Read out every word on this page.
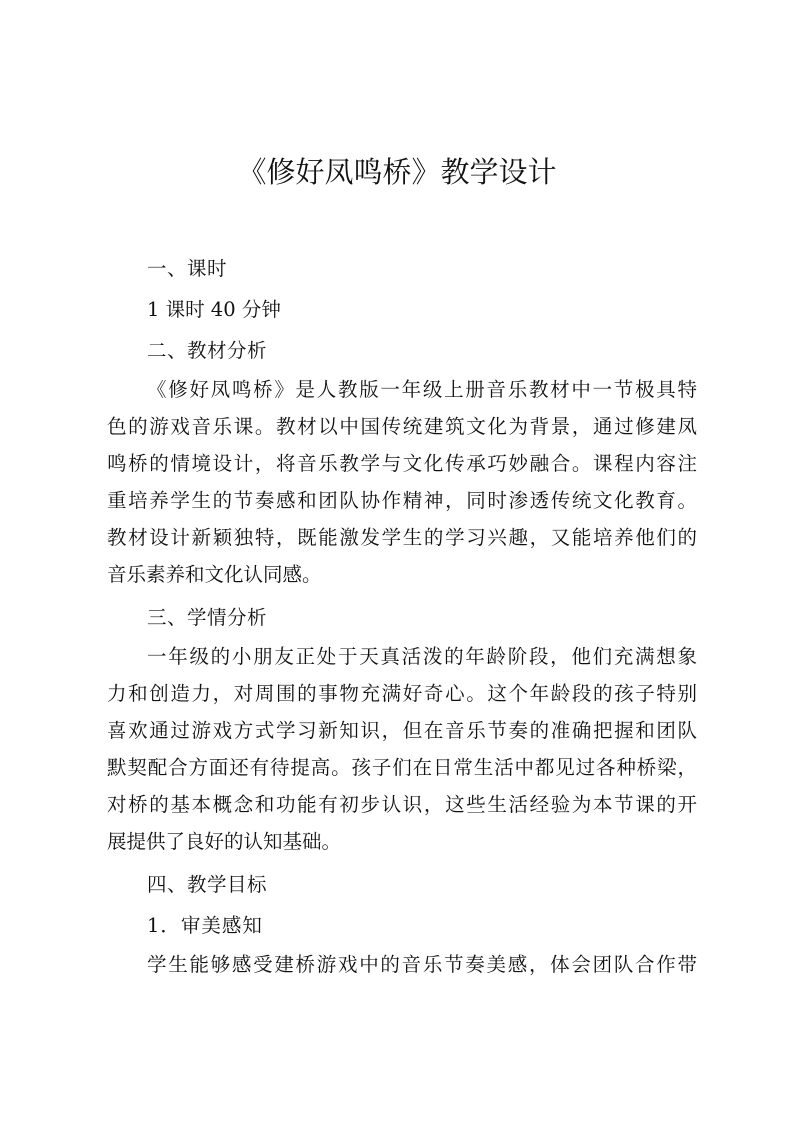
《修好凤鸣桥》教学设计
一、课时
1 课时 40 分钟
二、教材分析
《修好凤鸣桥》是人教版一年级上册音乐教材中一节极具特
色的游戏音乐课。教材以中国传统建筑文化为背景，通过修建凤
鸣桥的情境设计，将音乐教学与文化传承巧妙融合。课程内容注
重培养学生的节奏感和团队协作精神，同时渗透传统文化教育。
教材设计新颖独特，既能激发学生的学习兴趣，又能培养他们的
音乐素养和文化认同感。
三、学情分析
一年级的小朋友正处于天真活泼的年龄阶段，他们充满想象
力和创造力，对周围的事物充满好奇心。这个年龄段的孩子特别
喜欢通过游戏方式学习新知识，但在音乐节奏的准确把握和团队
默契配合方面还有待提高。孩子们在日常生活中都见过各种桥梁，
对桥的基本概念和功能有初步认识，这些生活经验为本节课的开
展提供了良好的认知基础。
四、教学目标
1．审美感知
学生能够感受建桥游戏中的音乐节奏美感，体会团队合作带
